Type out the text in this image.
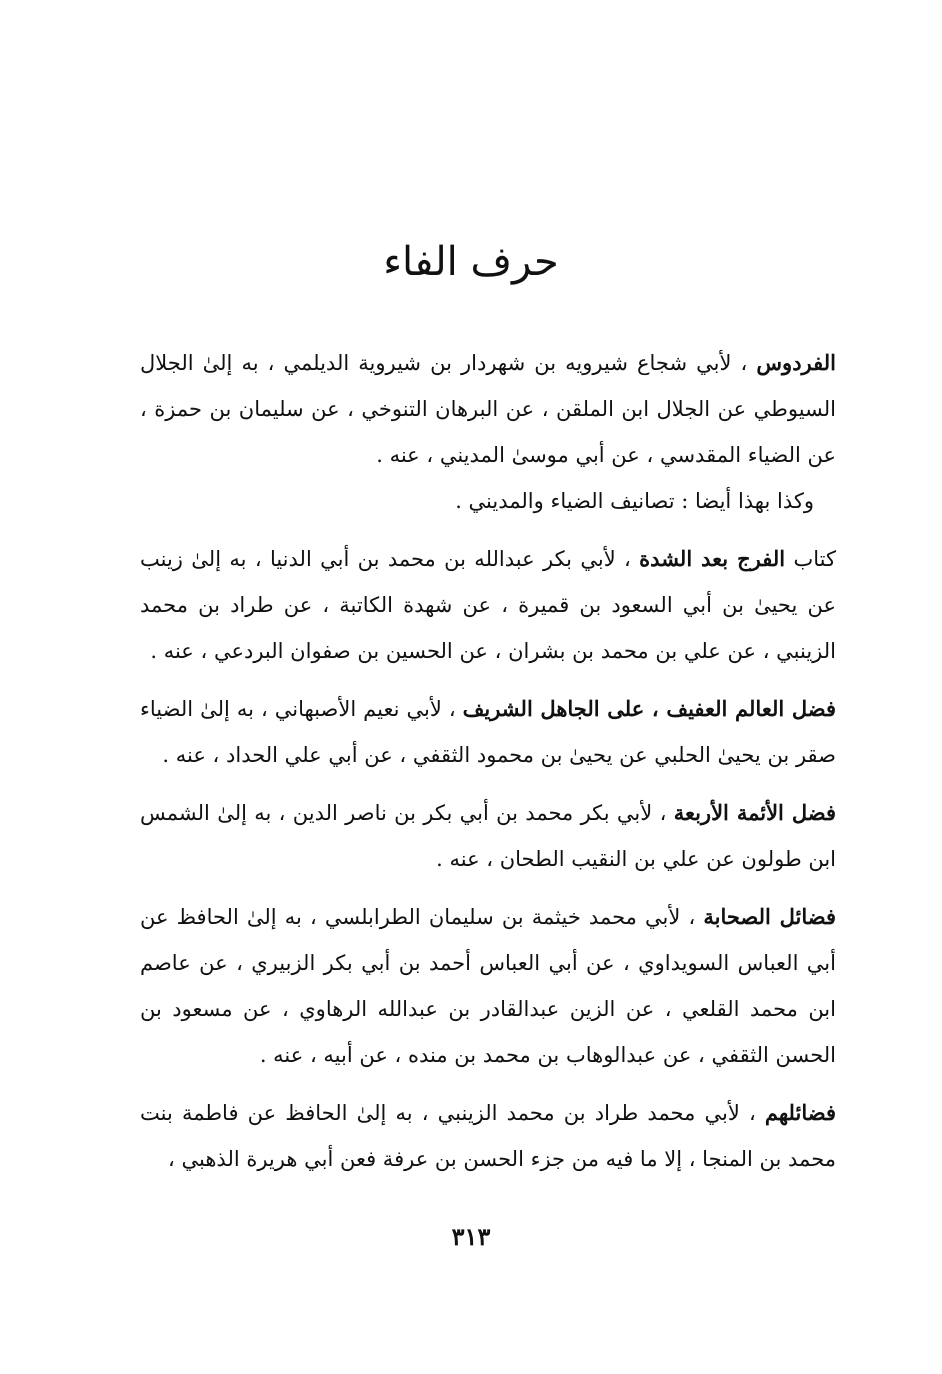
حرف الفاء

الفردوس ، لأبي شجاع شيرويه بن شهردار بن شيروية الديلمي ، به إلىٰ الجلال السيوطي عن الجلال ابن الملقن ، عن البرهان التنوخي ، عن سليمان بن حمزة ، عن الضياء المقدسي ، عن أبي موسىٰ المديني ، عنه .
وكذا بهذا أيضا : تصانيف الضياء والمديني .

كتاب الفرج بعد الشدة ، لأبي بكر عبدالله بن محمد بن أبي الدنيا ، به إلىٰ زينب عن يحيىٰ بن أبي السعود بن قميرة ، عن شهدة الكاتبة ، عن طراد بن محمد الزينبي ، عن علي بن محمد بن بشران ، عن الحسين بن صفوان البردعي ، عنه .

فضل العالم العفيف ، على الجاهل الشريف ، لأبي نعيم الأصبهاني ، به إلىٰ الضياء صقر بن يحيىٰ الحلبي عن يحيىٰ بن محمود الثقفي ، عن أبي علي الحداد ، عنه .

فضل الأئمة الأربعة ، لأبي بكر محمد بن أبي بكر بن ناصر الدين ، به إلىٰ الشمس ابن طولون عن علي بن النقيب الطحان ، عنه .

فضائل الصحابة ، لأبي محمد خيثمة بن سليمان الطرابلسي ، به إلىٰ الحافظ عن أبي العباس السويداوي ، عن أبي العباس أحمد بن أبي بكر الزبيري ، عن عاصم ابن محمد القلعي ، عن الزين عبدالقادر بن عبدالله الرهاوي ، عن مسعود بن الحسن الثقفي ، عن عبدالوهاب بن محمد بن منده ، عن أبيه ، عنه .

فضائلهم ، لأبي محمد طراد بن محمد الزينبي ، به إلىٰ الحافظ عن فاطمة بنت محمد بن المنجا ، إلا ما فيه من جزء الحسن بن عرفة فعن أبي هريرة الذهبي ،

٣١٣
